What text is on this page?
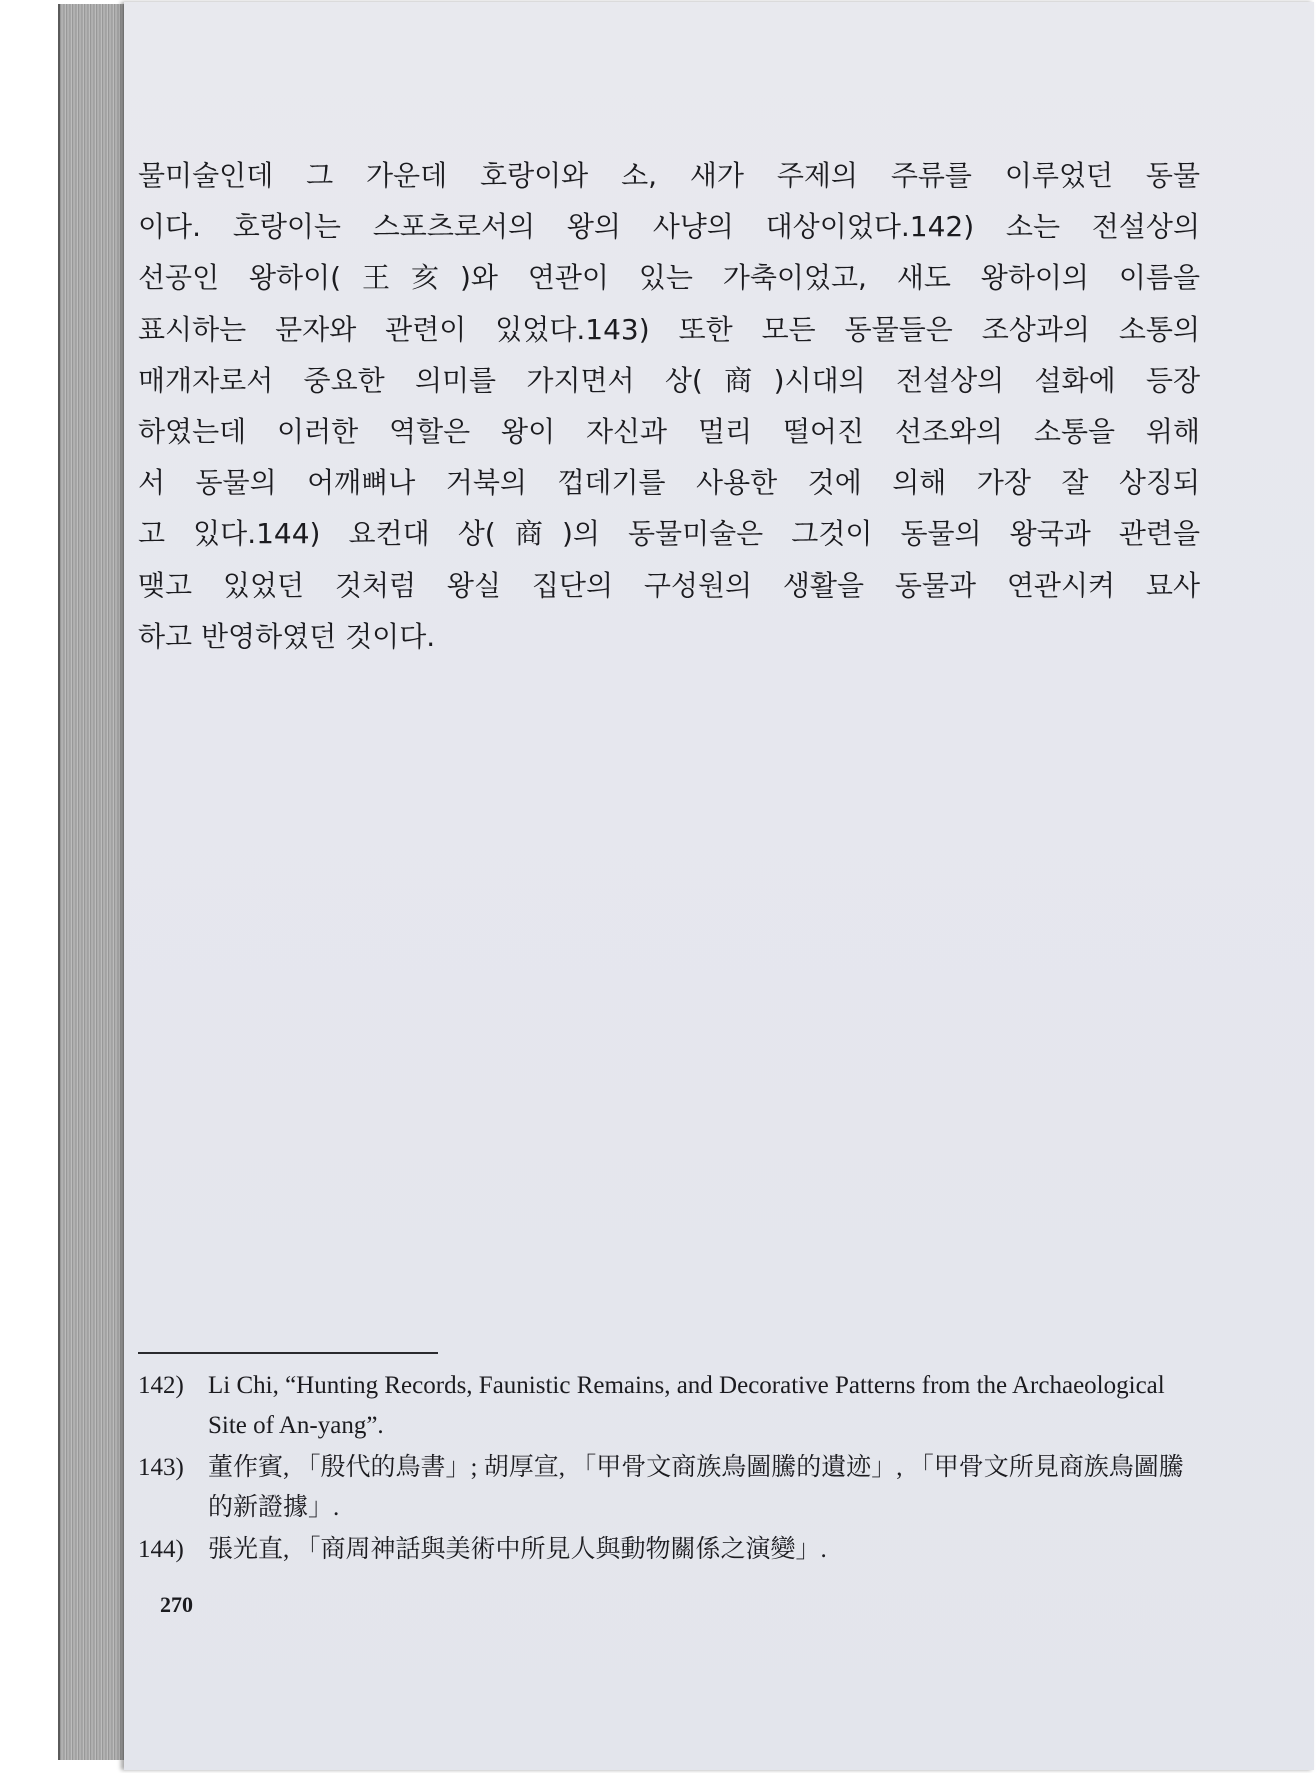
물미술인데 그 가운데 호랑이와 소, 새가 주제의 주류를 이루었던 동물
이다. 호랑이는 스포츠로서의 왕의 사냥의 대상이었다.142) 소는 전설상의
선공인 왕하이(王亥)와 연관이 있는 가축이었고, 새도 왕하이의 이름을
표시하는 문자와 관련이 있었다.143) 또한 모든 동물들은 조상과의 소통의
매개자로서 중요한 의미를 가지면서 상(商)시대의 전설상의 설화에 등장
하였는데 이러한 역할은 왕이 자신과 멀리 떨어진 선조와의 소통을 위해
서 동물의 어깨뼈나 거북의 껍데기를 사용한 것에 의해 가장 잘 상징되
고 있다.144) 요컨대 상(商)의 동물미술은 그것이 동물의 왕국과 관련을
맺고 있었던 것처럼 왕실 집단의 구성원의 생활을 동물과 연관시켜 묘사
하고 반영하였던 것이다.
142) Li Chi, “Hunting Records, Faunistic Remains, and Decorative Patterns from the Archaeological Site of An-yang”.
143) 董作賓, 「殷代的鳥書」; 胡厚宣, 「甲骨文商族鳥圖騰的遺迹」, 「甲骨文所見商族鳥圖騰的新證據」.
144) 張光直, 「商周神話與美術中所見人與動物關係之演變」.
270
